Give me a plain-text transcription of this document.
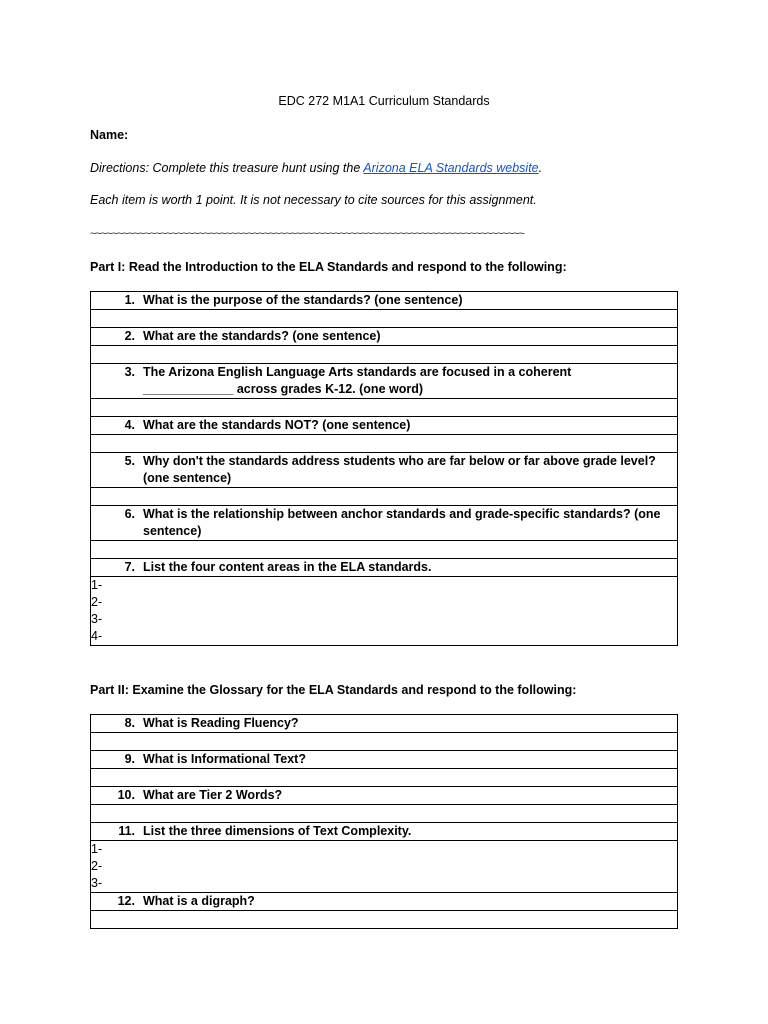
EDC 272 M1A1 Curriculum Standards
Name:
Directions: Complete this treasure hunt using the Arizona ELA Standards website.
Each item is worth 1 point. It is not necessary to cite sources for this assignment.
~~~~~~~~~~~~~~~~~~~~~~~~~~~~~~~~~~~~~~~~~~~~~~~~~~~~~~~~~~~~~~~~~~~~~~~~~~~~~~~~
Part I: Read the Introduction to the ELA Standards and respond to the following:
1. What is the purpose of the standards? (one sentence)

2. What are the standards? (one sentence)

3. The Arizona English Language Arts standards are focused in a coherent _____________ across grades K-12. (one word)

4. What are the standards NOT? (one sentence)

5. Why don't the standards address students who are far below or far above grade level? (one sentence)

6. What is the relationship between anchor standards and grade-specific standards? (one sentence)

7. List the four content areas in the ELA standards.

1-
2-
3-
4-
Part II: Examine the Glossary for the ELA Standards and respond to the following:
8. What is Reading Fluency?

9. What is Informational Text?

10. What are Tier 2 Words?

11. List the three dimensions of Text Complexity.

1-
2-
3-

12. What is a digraph?
